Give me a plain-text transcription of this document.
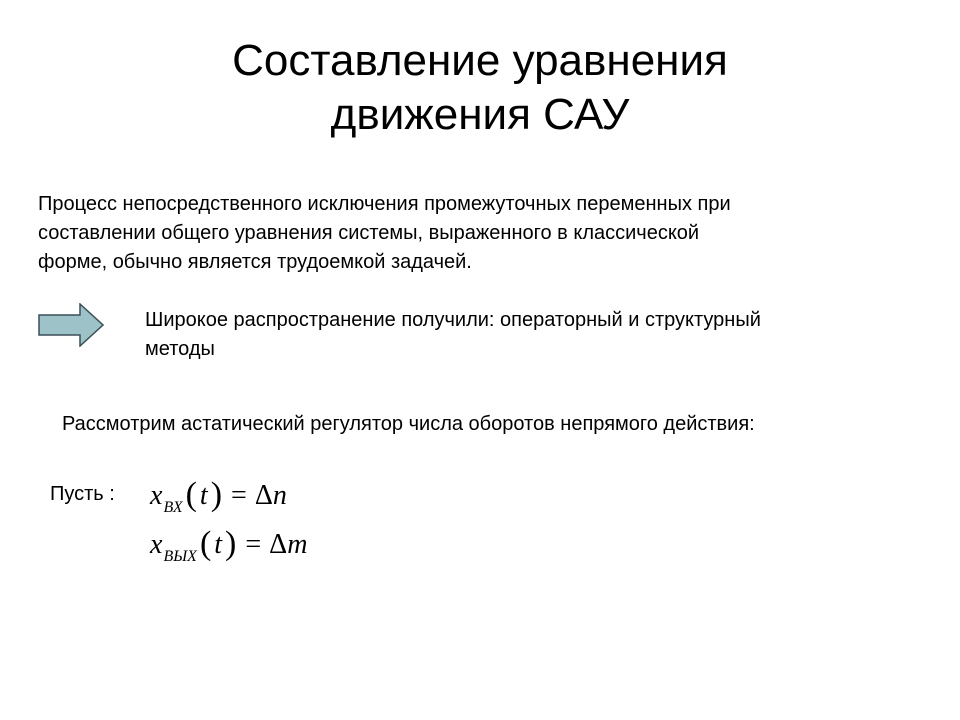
Составление уравнения
движения САУ
Процесс непосредственного исключения промежуточных переменных при
составлении общего уравнения системы, выраженного в классической
форме, обычно является трудоемкой задачей.
Широкое распространение получили: операторный и структурный
методы
Рассмотрим астатический регулятор числа оборотов непрямого действия:
Пусть : $x_{ВХ}$( t) = Δn
$x_{ВЫХ}$( t) = Δm
